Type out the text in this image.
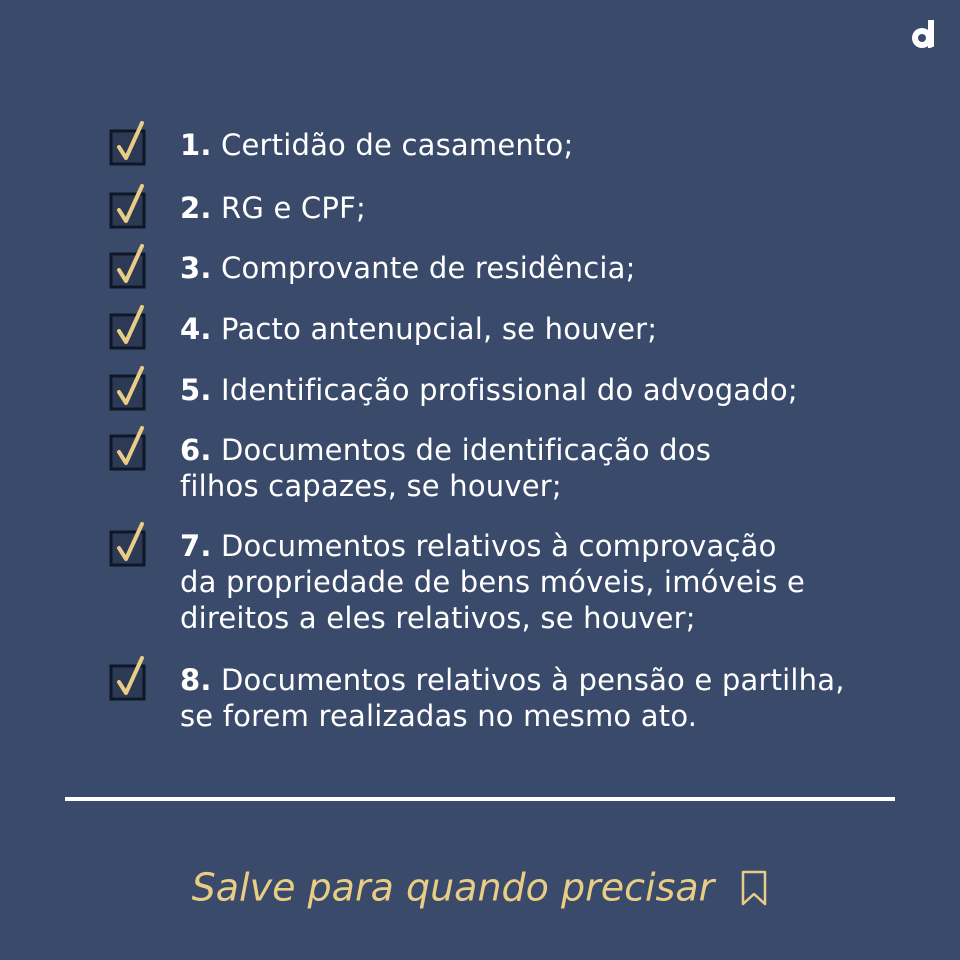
1. Certidão de casamento;
2. RG e CPF;
3. Comprovante de residência;
4. Pacto antenupcial, se houver;
5. Identificação profissional do advogado;
6. Documentos de identificação dos
filhos capazes, se houver;
7. Documentos relativos à comprovação
da propriedade de bens móveis, imóveis e
direitos a eles relativos, se houver;
8. Documentos relativos à pensão e partilha,
se forem realizadas no mesmo ato.
Salve para quando precisar
